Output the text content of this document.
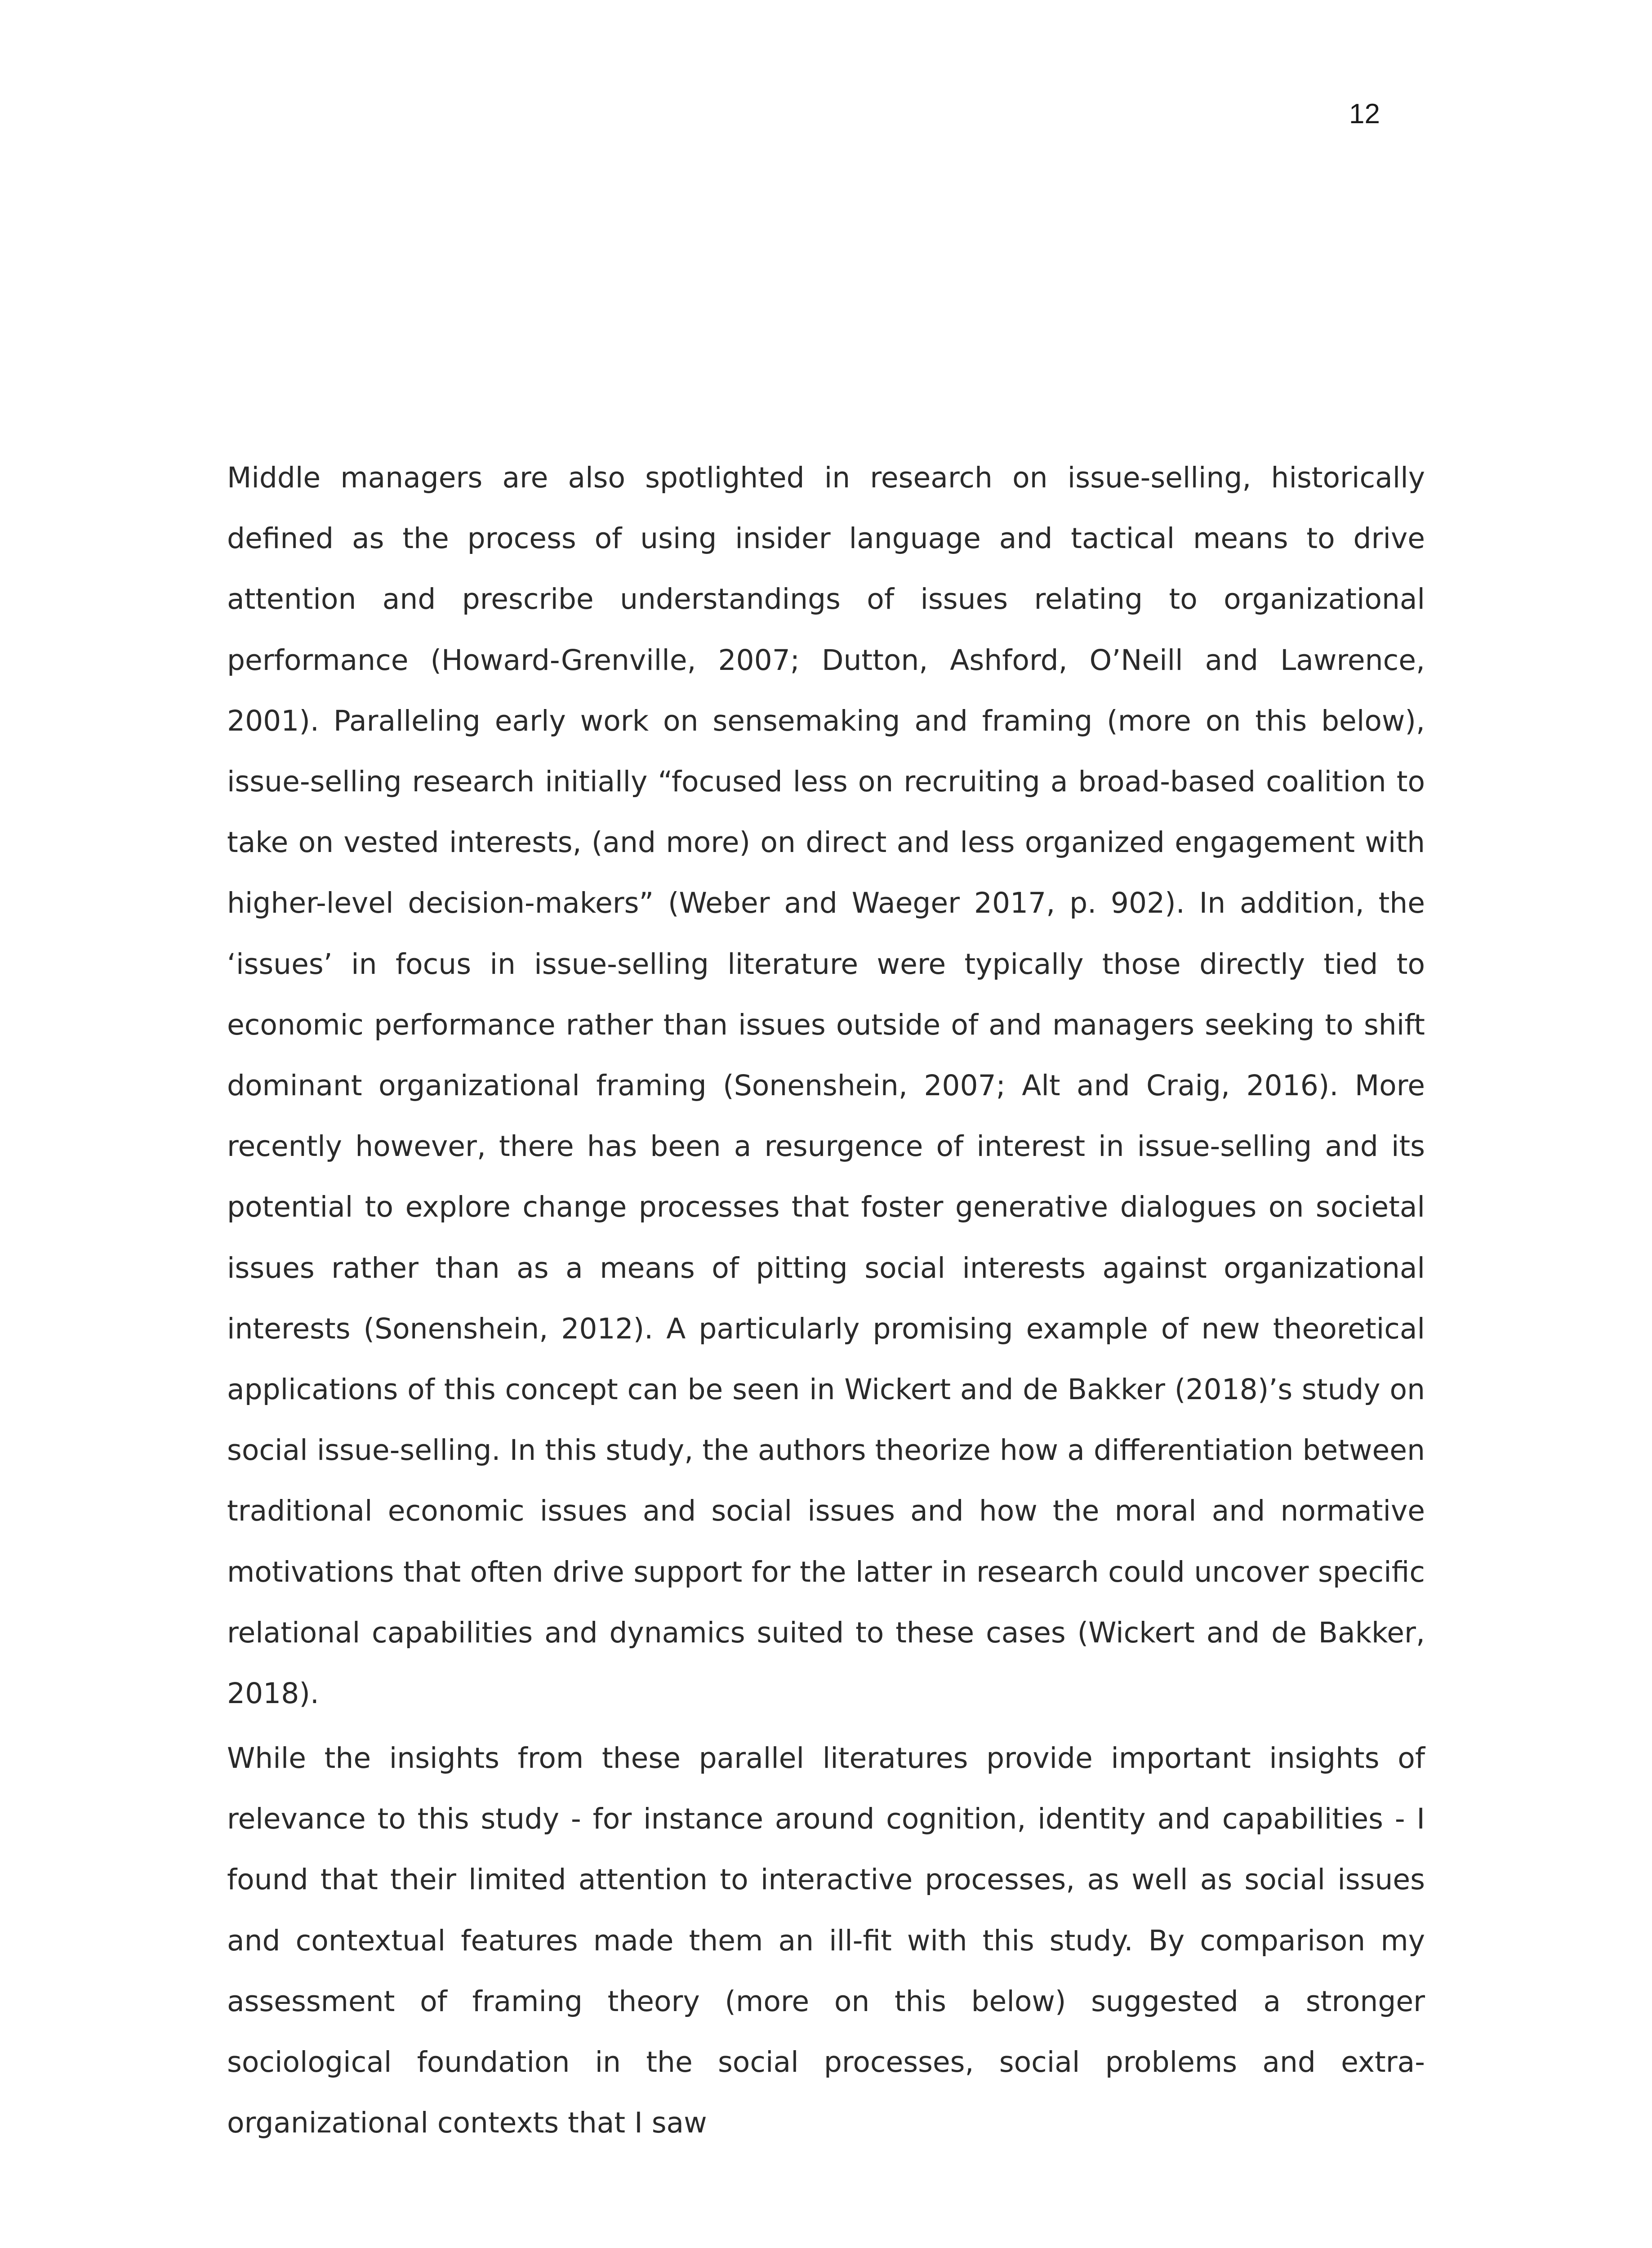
12

Middle managers are also spotlighted in research on issue-selling, historically defined as the process of using insider language and tactical means to drive attention and prescribe understandings of issues relating to organizational performance (Howard-Grenville, 2007; Dutton, Ashford, O’Neill and Lawrence, 2001). Paralleling early work on sensemaking and framing (more on this below), issue-selling research initially “focused less on recruiting a broad-based coalition to take on vested interests, (and more) on direct and less organized engagement with higher-level decision-makers” (Weber and Waeger 2017, p. 902). In addition, the ‘issues’ in focus in issue-selling literature were typically those directly tied to economic performance rather than issues outside of and managers seeking to shift dominant organizational framing (Sonenshein, 2007; Alt and Craig, 2016). More recently however, there has been a resurgence of interest in issue-selling and its potential to explore change processes that foster generative dialogues on societal issues rather than as a means of pitting social interests against organizational interests (Sonenshein, 2012). A particularly promising example of new theoretical applications of this concept can be seen in Wickert and de Bakker (2018)’s study on social issue-selling. In this study, the authors theorize how a differentiation between traditional economic issues and social issues and how the moral and normative motivations that often drive support for the latter in research could uncover specific relational capabilities and dynamics suited to these cases (Wickert and de Bakker, 2018).

While the insights from these parallel literatures provide important insights of relevance to this study - for instance around cognition, identity and capabilities - I found that their limited attention to interactive processes, as well as social issues and contextual features made them an ill-fit with this study. By comparison my assessment of framing theory (more on this below) suggested a stronger sociological foundation in the social processes, social problems and extra-organizational contexts that I saw
